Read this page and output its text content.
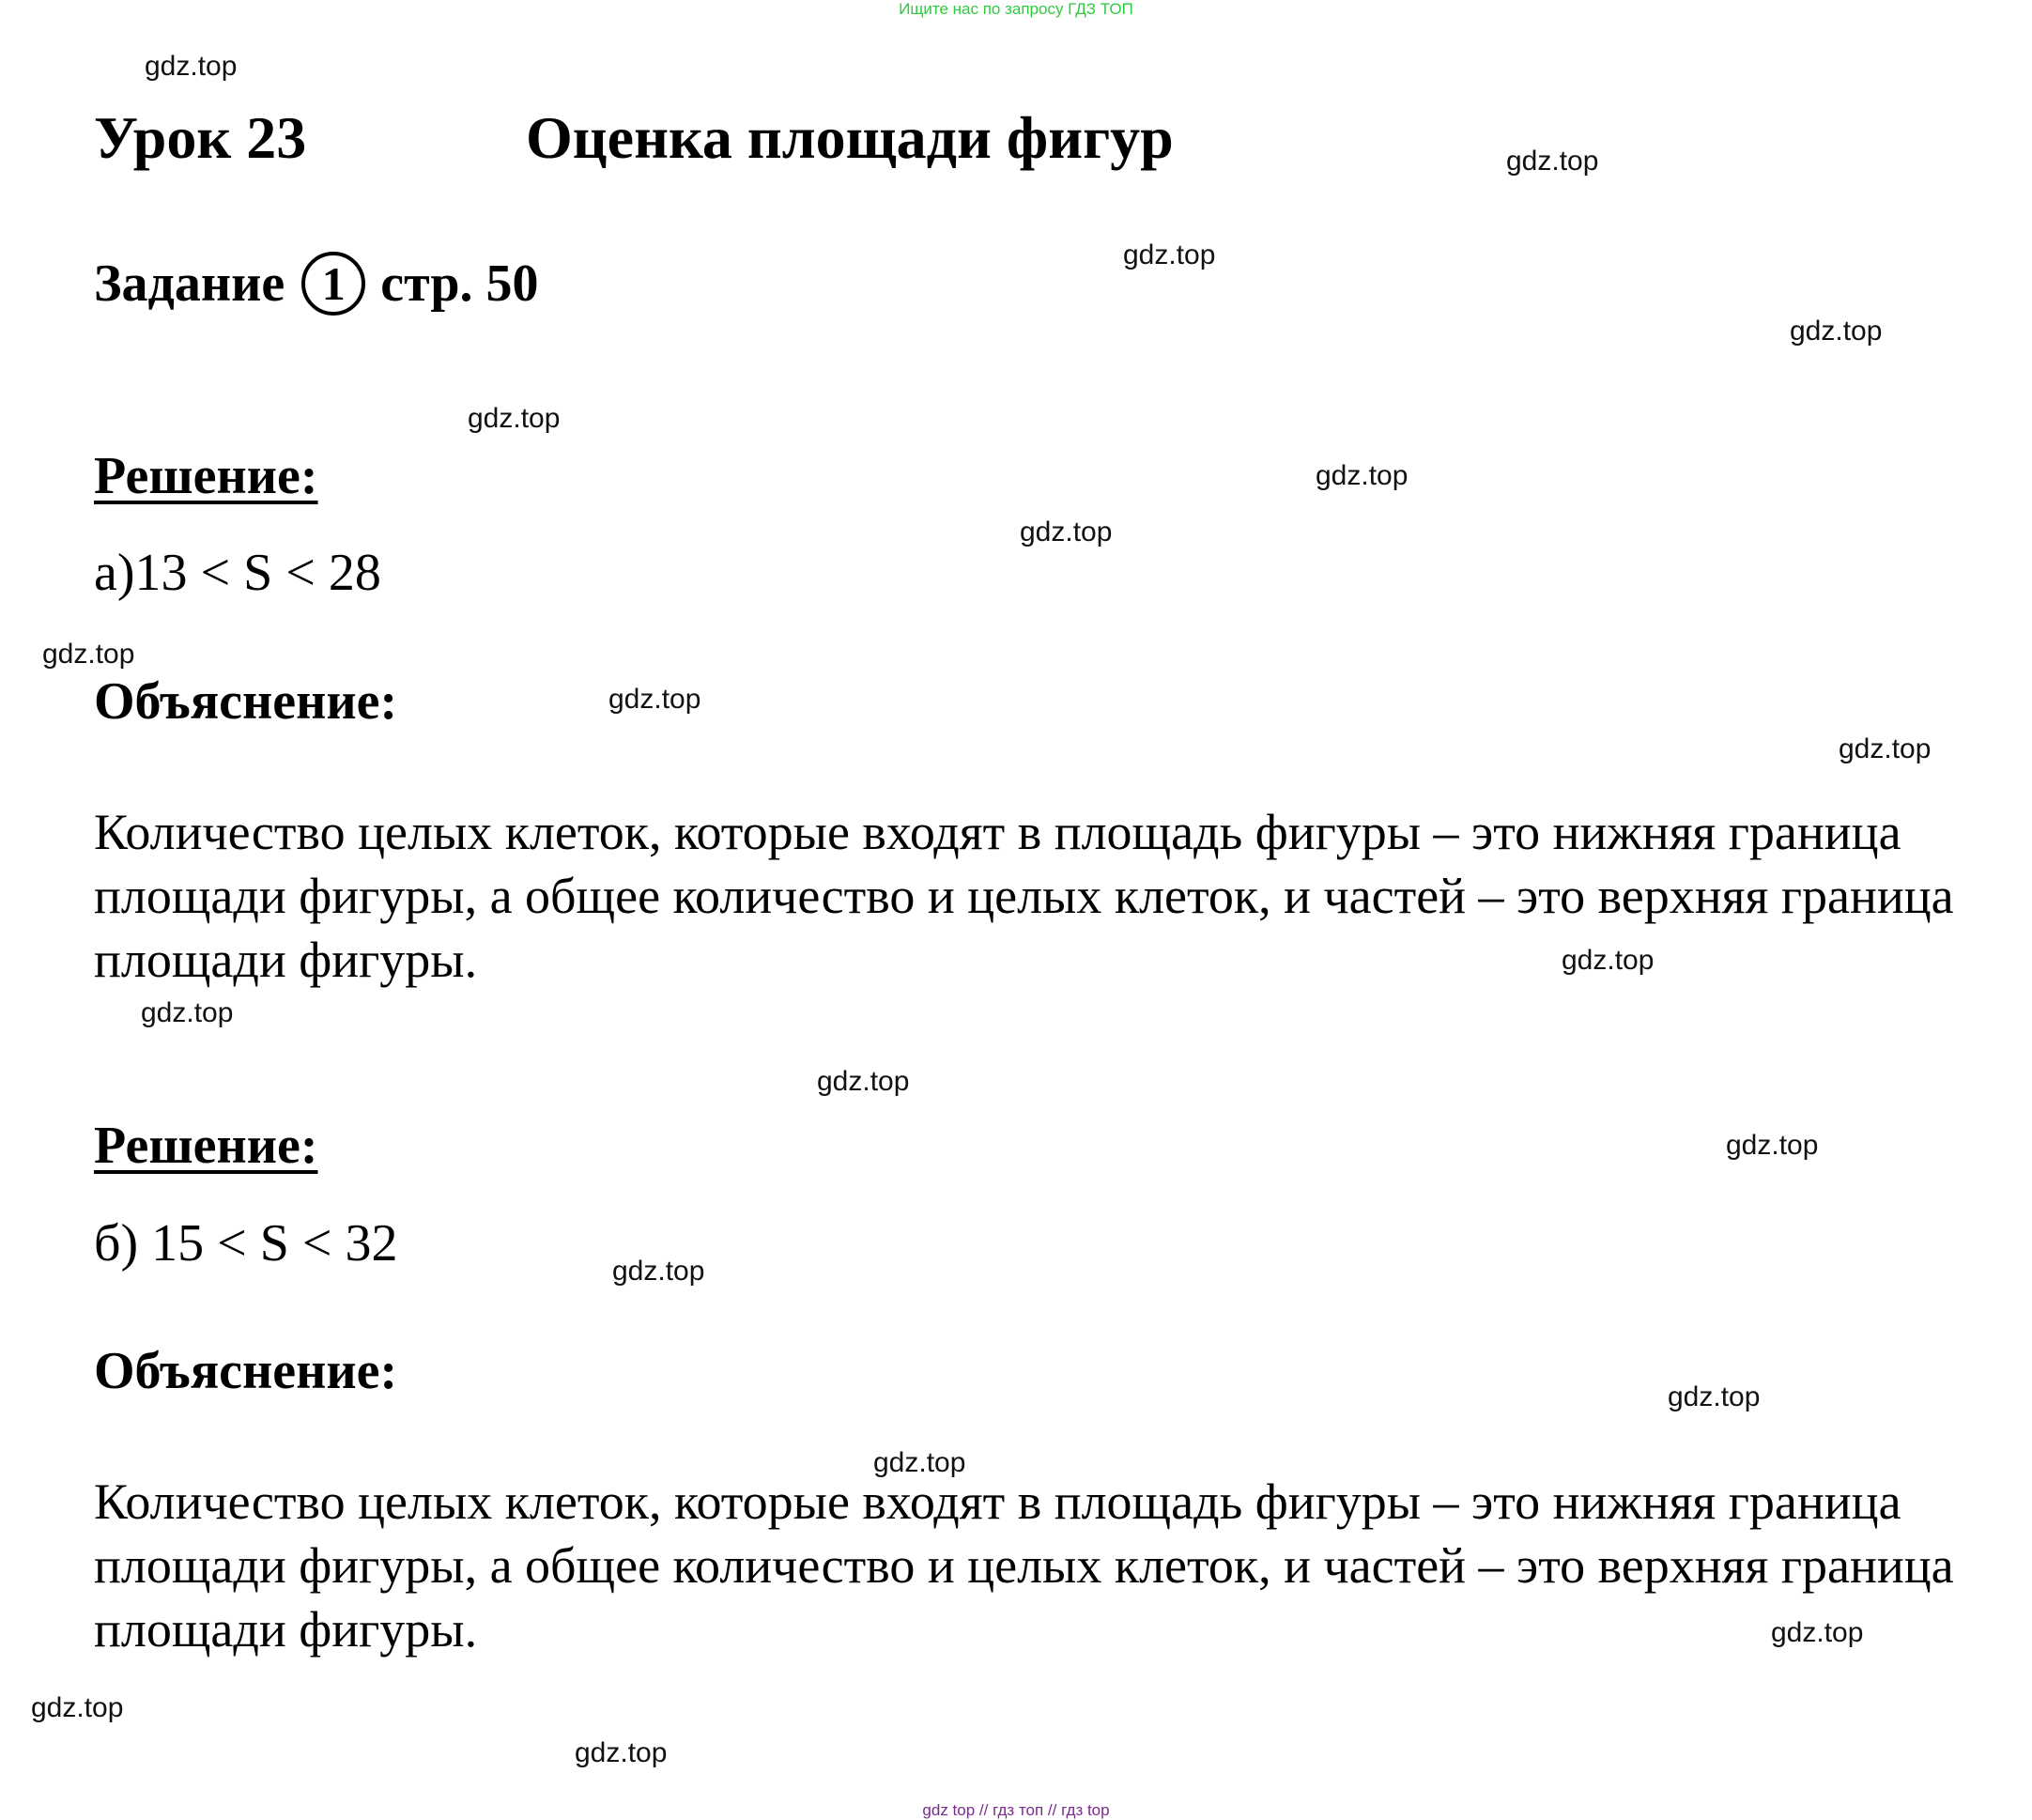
Ищите нас по запросу ГДЗ ТОП
Урок 23	Оценка площади фигур
Задание 1 стр. 50
Решение:
а)13 < S < 28
Объяснение:
Количество целых клеток, которые входят в площадь фигуры – это нижняя граница площади фигуры, а общее количество и целых клеток, и частей – это верхняя граница площади фигуры.
Решение:
б) 15 < S < 32
Объяснение:
Количество целых клеток, которые входят в площадь фигуры – это нижняя граница площади фигуры, а общее количество и целых клеток, и частей – это верхняя граница площади фигуры.
gdz.top
gdz.top
gdz.top
gdz.top
gdz.top
gdz.top
gdz.top
gdz.top
gdz.top
gdz.top
gdz.top
gdz.top
gdz.top
gdz.top
gdz.top
gdz.top
gdz.top
gdz.top
gdz.top
gdz.top
gdz top // гдз топ // гдз top
